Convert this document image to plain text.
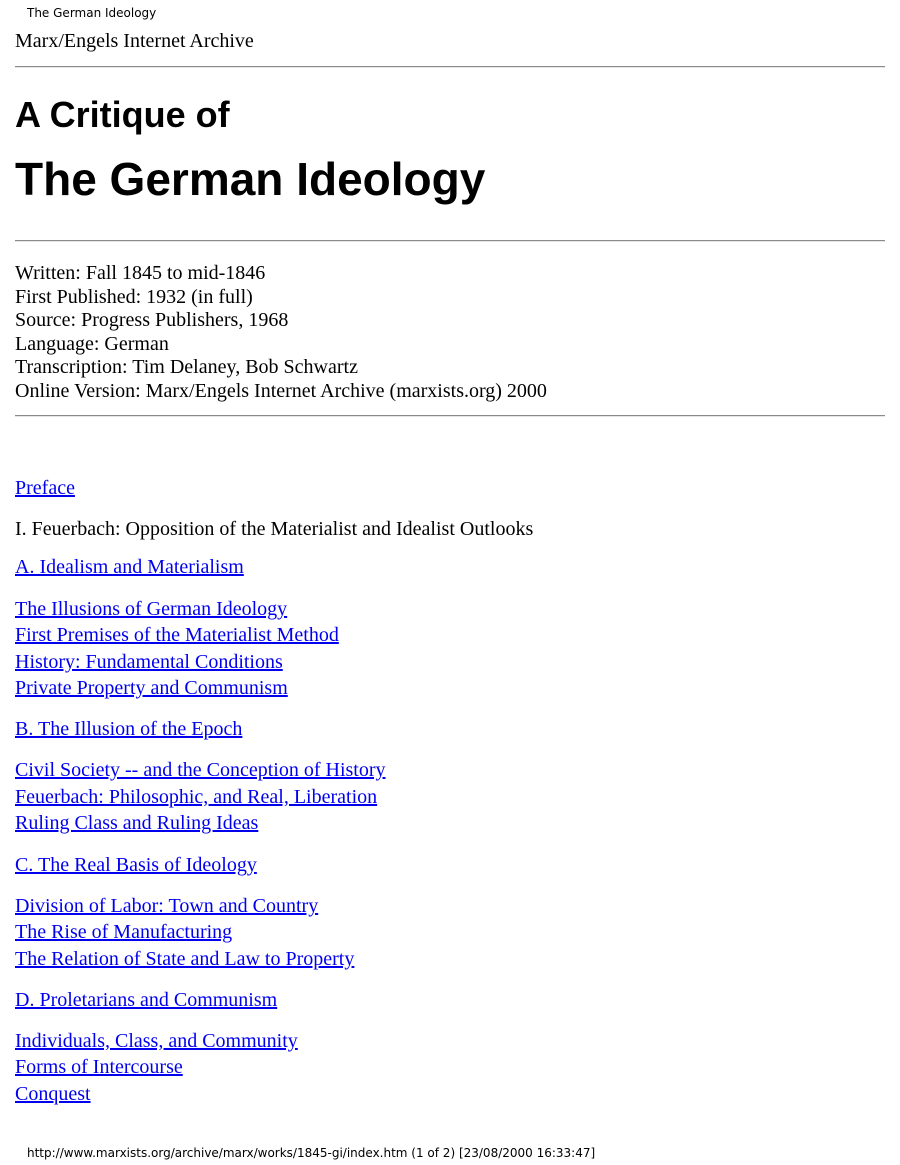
The German Ideology
Marx/Engels Internet Archive
A Critique of
The German Ideology
Written: Fall 1845 to mid-1846
First Published: 1932 (in full)
Source: Progress Publishers, 1968
Language: German
Transcription: Tim Delaney, Bob Schwartz
Online Version: Marx/Engels Internet Archive (marxists.org) 2000
Preface
I. Feuerbach: Opposition of the Materialist and Idealist Outlooks
A. Idealism and Materialism
The Illusions of German Ideology
First Premises of the Materialist Method
History: Fundamental Conditions
Private Property and Communism
B. The Illusion of the Epoch
Civil Society -- and the Conception of History
Feuerbach: Philosophic, and Real, Liberation
Ruling Class and Ruling Ideas
C. The Real Basis of Ideology
Division of Labor: Town and Country
The Rise of Manufacturing
The Relation of State and Law to Property
D. Proletarians and Communism
Individuals, Class, and Community
Forms of Intercourse
Conquest
http://www.marxists.org/archive/marx/works/1845-gi/index.htm (1 of 2) [23/08/2000 16:33:47]
